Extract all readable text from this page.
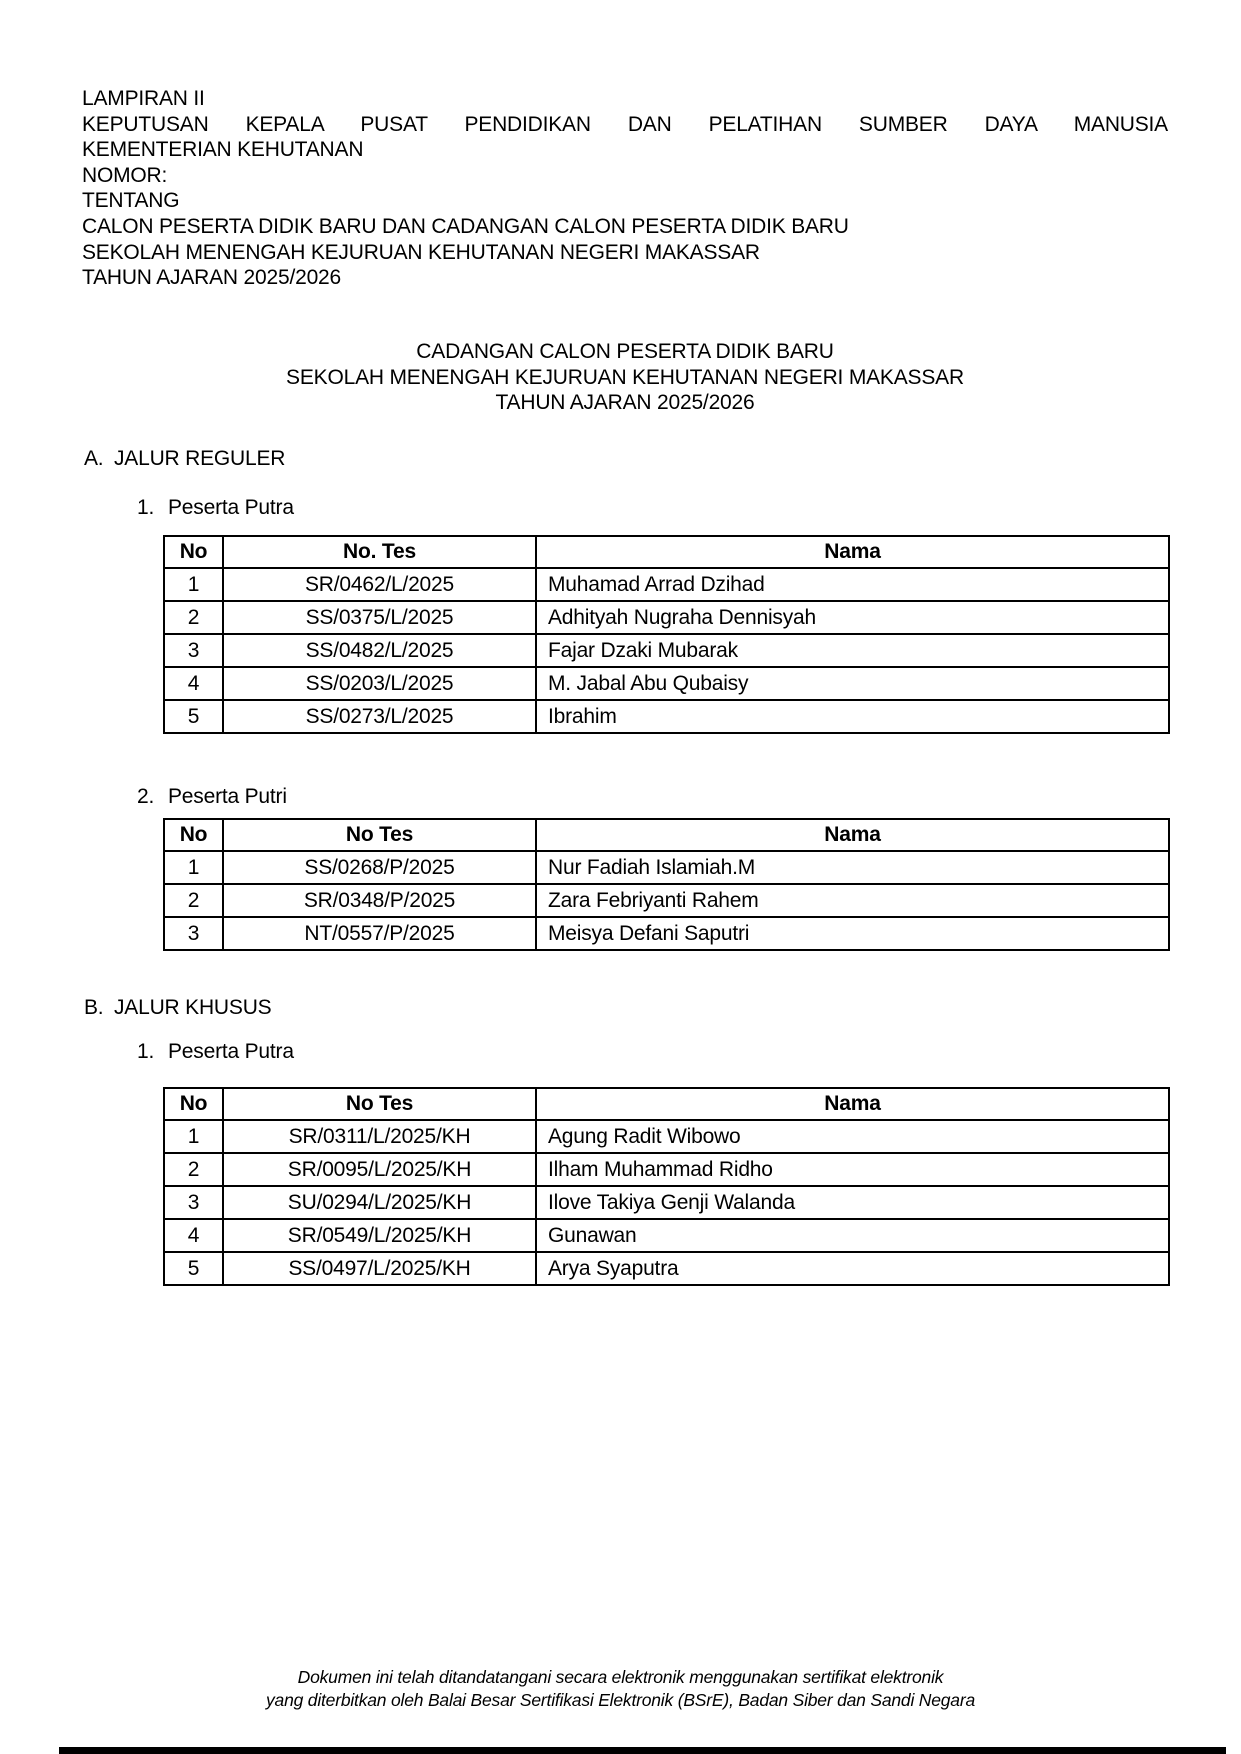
LAMPIRAN II
KEPUTUSAN KEPALA PUSAT PENDIDIKAN DAN PELATIHAN SUMBER DAYA MANUSIA
KEMENTERIAN KEHUTANAN
NOMOR:
TENTANG
CALON PESERTA DIDIK BARU DAN CADANGAN CALON PESERTA DIDIK BARU
SEKOLAH MENENGAH KEJURUAN KEHUTANAN NEGERI MAKASSAR
TAHUN AJARAN 2025/2026
CADANGAN CALON PESERTA DIDIK BARU
SEKOLAH MENENGAH KEJURUAN KEHUTANAN NEGERI MAKASSAR
TAHUN AJARAN 2025/2026
A. JALUR REGULER
1. Peserta Putra
No	No. Tes	Nama
1	SR/0462/L/2025	Muhamad Arrad Dzihad
2	SS/0375/L/2025	Adhityah Nugraha Dennisyah
3	SS/0482/L/2025	Fajar Dzaki Mubarak
4	SS/0203/L/2025	M. Jabal Abu Qubaisy
5	SS/0273/L/2025	Ibrahim
2. Peserta Putri
No	No Tes	Nama
1	SS/0268/P/2025	Nur Fadiah Islamiah.M
2	SR/0348/P/2025	Zara Febriyanti Rahem
3	NT/0557/P/2025	Meisya Defani Saputri
B. JALUR KHUSUS
1. Peserta Putra
No	No Tes	Nama
1	SR/0311/L/2025/KH	Agung Radit Wibowo
2	SR/0095/L/2025/KH	Ilham Muhammad Ridho
3	SU/0294/L/2025/KH	Ilove Takiya Genji Walanda
4	SR/0549/L/2025/KH	Gunawan
5	SS/0497/L/2025/KH	Arya Syaputra
Dokumen ini telah ditandatangani secara elektronik menggunakan sertifikat elektronik
yang diterbitkan oleh Balai Besar Sertifikasi Elektronik (BSrE), Badan Siber dan Sandi Negara
